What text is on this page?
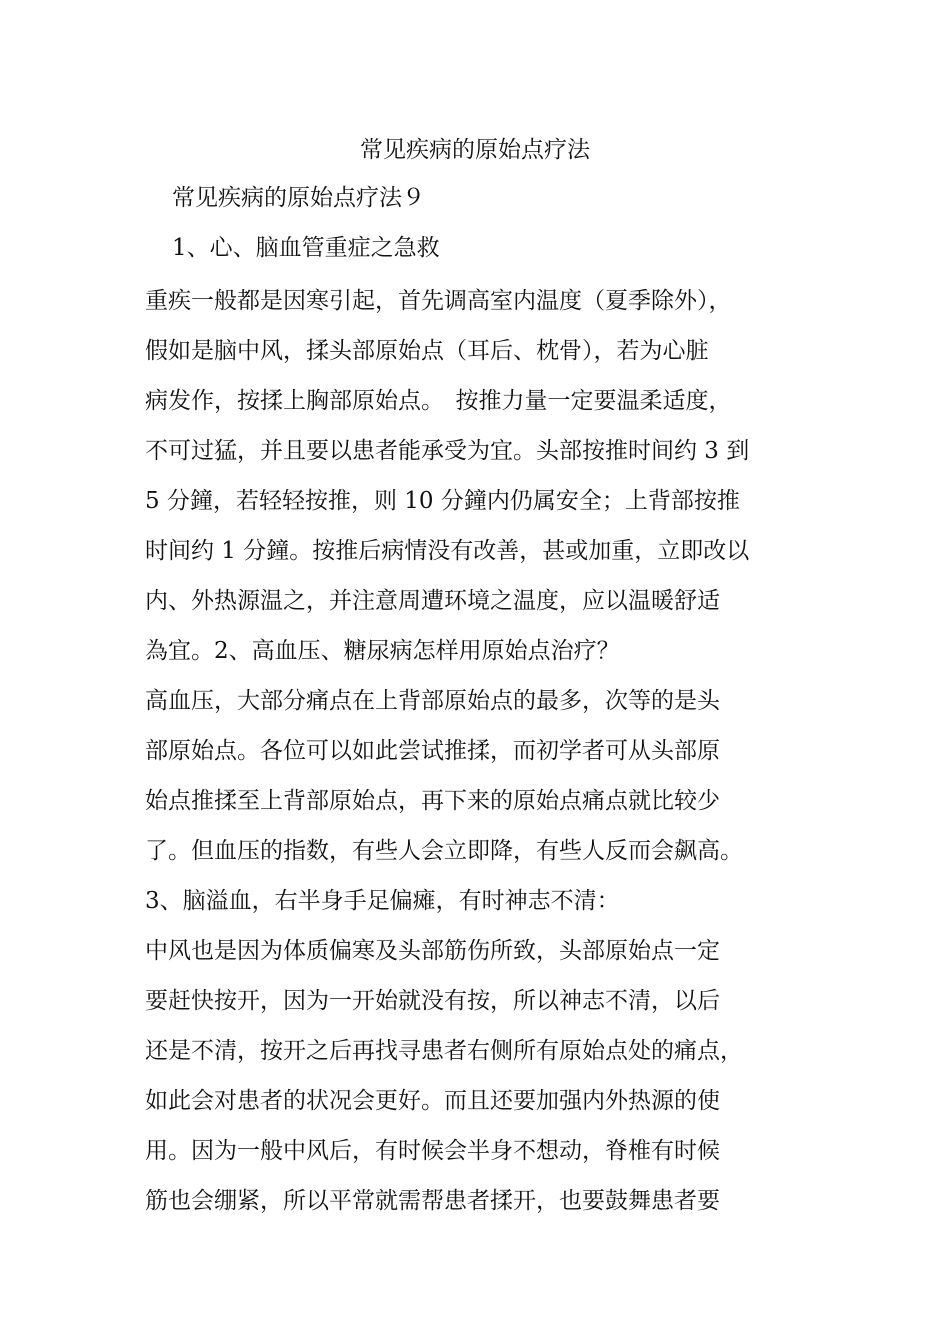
常见疾病的原始点疗法

常见疾病的原始点疗法９

1、心、脑血管重症之急救

重疾一般都是因寒引起，首先调高室内温度（夏季除外），
假如是脑中风，揉头部原始点（耳后、枕骨），若为心脏
病发作，按揉上胸部原始点。　按推力量一定要温柔适度，
不可过猛，并且要以患者能承受为宜。头部按推时间约 3 到
5 分鐘，若轻轻按推，则 10 分鐘内仍属安全；上背部按推
时间约 1 分鐘。按推后病情没有改善，甚或加重，立即改以
内、外热源温之，并注意周遭环境之温度，应以温暖舒适
為宜。2、高血压、糖尿病怎样用原始点治疗？
高血压，大部分痛点在上背部原始点的最多，次等的是头
部原始点。各位可以如此尝试推揉，而初学者可从头部原
始点推揉至上背部原始点，再下来的原始点痛点就比较少
了。但血压的指数，有些人会立即降，有些人反而会飙高。
3、脑溢血，右半身手足偏瘫，有时神志不清：
中风也是因为体质偏寒及头部筋伤所致，头部原始点一定
要赶快按开，因为一开始就没有按，所以神志不清，以后
还是不清，按开之后再找寻患者右侧所有原始点处的痛点，
如此会对患者的状况会更好。而且还要加强内外热源的使
用。因为一般中风后，有时候会半身不想动，脊椎有时候
筋也会绷紧，所以平常就需帮患者揉开，也要鼓舞患者要
